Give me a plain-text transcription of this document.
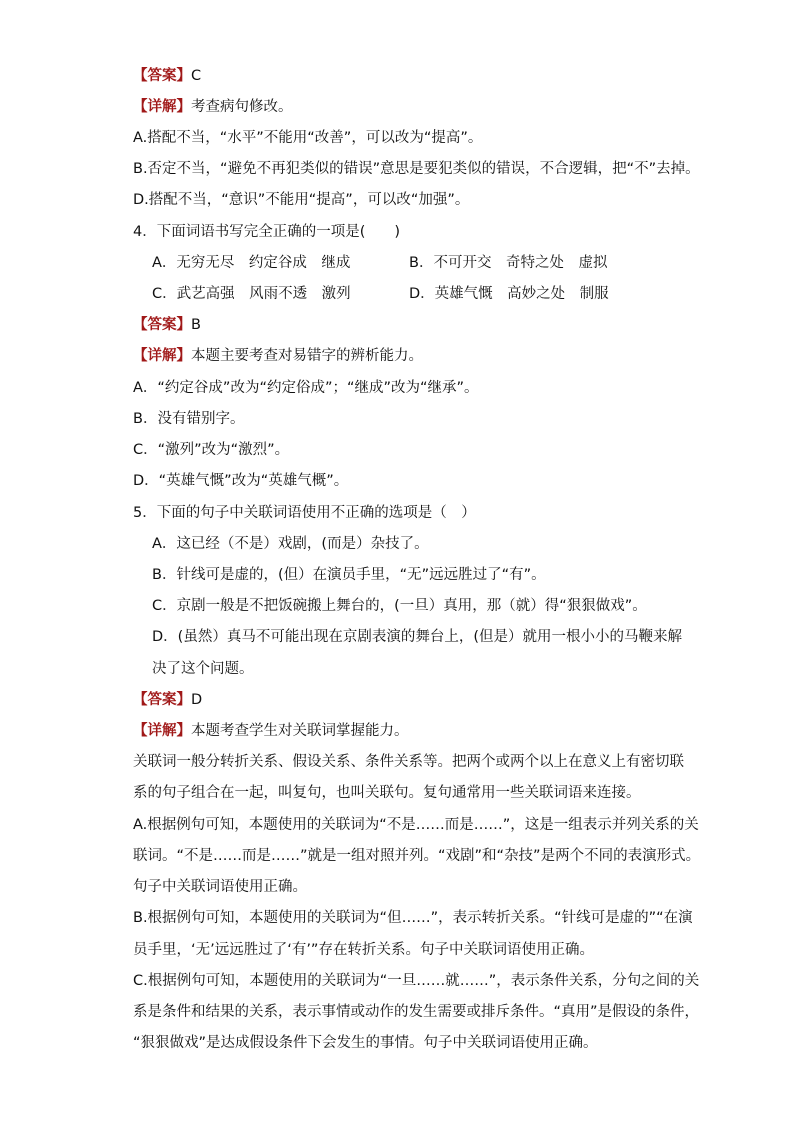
【答案】C
【详解】考查病句修改。
A.搭配不当，“水平”不能用“改善”，可以改为“提高”。
B.否定不当，“避免不再犯类似的错误”意思是要犯类似的错误，不合逻辑，把“不”去掉。
D.搭配不当，“意识”不能用“提高”，可以改“加强”。
4．下面词语书写完全正确的一项是(　　)
A．无穷无尽　约定谷成　继成	B．不可开交　奇特之处　虚拟
C．武艺高强　风雨不透　激列	D．英雄气慨　高妙之处　制服
【答案】B
【详解】本题主要考查对易错字的辨析能力。
A．“约定谷成”改为“约定俗成”；“继成”改为“继承”。
B．没有错别字。
C．“激列”改为“激烈”。
D．“英雄气慨”改为“英雄气概”。
5．下面的句子中关联词语使用不正确的选项是（　）
A．这已经（不是）戏剧，(而是）杂技了。
B．针线可是虚的，(但）在演员手里，“无”远远胜过了“有”。
C．京剧一般是不把饭碗搬上舞台的，(一旦）真用，那（就）得“狠狠做戏”。
D．(虽然）真马不可能出现在京剧表演的舞台上，(但是）就用一根小小的马鞭来解
决了这个问题。
【答案】D
【详解】本题考查学生对关联词掌握能力。
关联词一般分转折关系、假设关系、条件关系等。把两个或两个以上在意义上有密切联
系的句子组合在一起，叫复句，也叫关联句。复句通常用一些关联词语来连接。
A.根据例句可知，本题使用的关联词为“不是……而是……”，这是一组表示并列关系的关
联词。“不是……而是……”就是一组对照并列。“戏剧”和“杂技”是两个不同的表演形式。
句子中关联词语使用正确。
B.根据例句可知，本题使用的关联词为“但……”，表示转折关系。“针线可是虚的”“在演
员手里，‘无’远远胜过了‘有’”存在转折关系。句子中关联词语使用正确。
C.根据例句可知，本题使用的关联词为“一旦……就……”，表示条件关系，分句之间的关
系是条件和结果的关系，表示事情或动作的发生需要或排斥条件。“真用”是假设的条件，
“狠狠做戏”是达成假设条件下会发生的事情。句子中关联词语使用正确。
